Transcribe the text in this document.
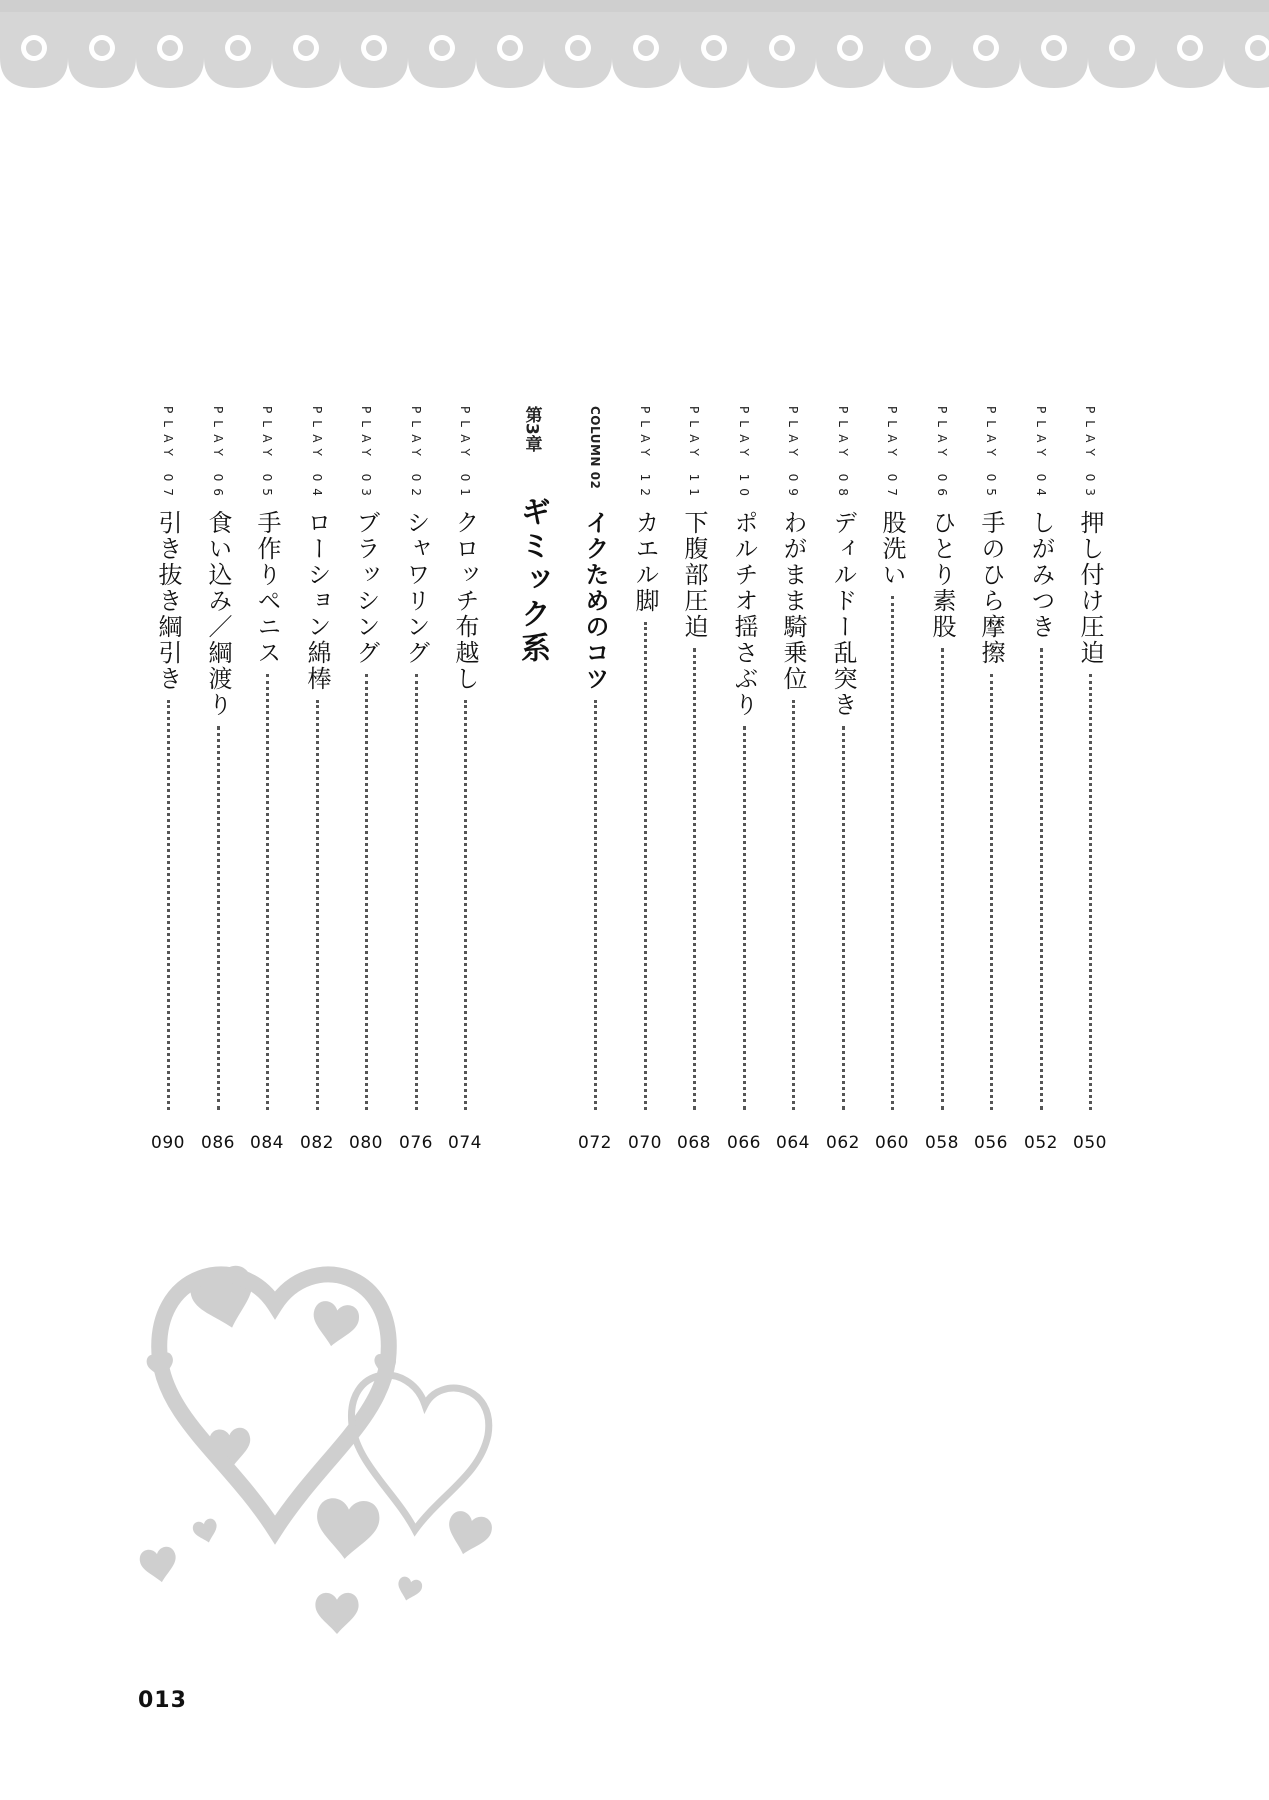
PLAY 03
押し付け圧迫
PLAY 04
しがみつき
PLAY 05
手のひら摩擦
PLAY 06
ひとり素股
PLAY 07
股洗い
PLAY 08
ディルドー乱突き
PLAY 09
わがまま騎乗位
PLAY 10
ポルチオ揺さぶり
PLAY 11
下腹部圧迫
PLAY 12
カエル脚
COLUMN 02
イクためのコツ
第3章
ギミック系
PLAY 01
クロッチ布越し
PLAY 02
シャワリング
PLAY 03
ブラッシング
PLAY 04
ローション綿棒
PLAY 05
手作りペニス
PLAY 06
食い込み／綱渡り
PLAY 07
引き抜き綱引き
050
052
056
058
060
062
064
066
068
070
072
074
076
080
082
084
086
090
013
